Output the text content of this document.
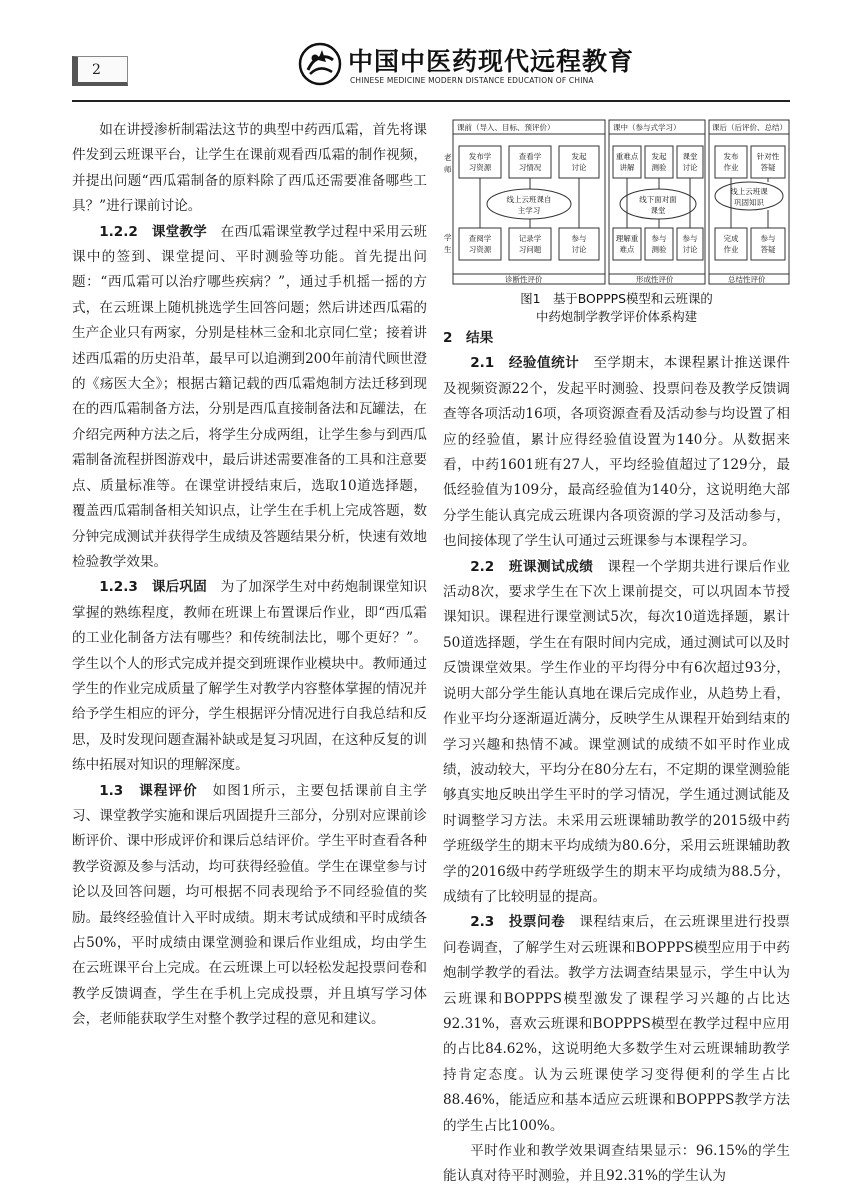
2	中国中医药现代远程教育
CHINESE MEDICINE MODERN DISTANCE EDUCATION OF CHINA

如在讲授渗析制霜法这节的典型中药西瓜霜，首先将课件发到云班课平台，让学生在课前观看西瓜霜的制作视频，并提出问题“西瓜霜制备的原料除了西瓜还需要准备哪些工具？”进行课前讨论。

1.2.2　课堂教学　在西瓜霜课堂教学过程中采用云班课中的签到、课堂提问、平时测验等功能。首先提出问题：“西瓜霜可以治疗哪些疾病？”，通过手机摇一摇的方式，在云班课上随机挑选学生回答问题；然后讲述西瓜霜的生产企业只有两家，分别是桂林三金和北京同仁堂；接着讲述西瓜霜的历史沿革，最早可以追溯到200年前清代顾世澄的《疡医大全》；根据古籍记载的西瓜霜炮制方法迁移到现在的西瓜霜制备方法，分别是西瓜直接制备法和瓦罐法，在介绍完两种方法之后，将学生分成两组，让学生参与到西瓜霜制备流程拼图游戏中，最后讲述需要准备的工具和注意要点、质量标准等。在课堂讲授结束后，选取10道选择题，覆盖西瓜霜制备相关知识点，让学生在手机上完成答题，数分钟完成测试并获得学生成绩及答题结果分析，快速有效地检验教学效果。

1.2.3　课后巩固　为了加深学生对中药炮制课堂知识掌握的熟练程度，教师在班课上布置课后作业，即“西瓜霜的工业化制备方法有哪些？和传统制法比，哪个更好？”。学生以个人的形式完成并提交到班课作业模块中。教师通过学生的作业完成质量了解学生对教学内容整体掌握的情况并给予学生相应的评分，学生根据评分情况进行自我总结和反思，及时发现问题查漏补缺或是复习巩固，在这种反复的训练中拓展对知识的理解深度。

1.3　课程评价　如图1所示，主要包括课前自主学习、课堂教学实施和课后巩固提升三部分，分别对应课前诊断评价、课中形成评价和课后总结评价。学生平时查看各种教学资源及参与活动，均可获得经验值。学生在课堂参与讨论以及回答问题，均可根据不同表现给予不同经验值的奖励。最终经验值计入平时成绩。期末考试成绩和平时成绩各占50%，平时成绩由课堂测验和课后作业组成，均由学生在云班课平台上完成。在云班课上可以轻松发起投票问卷和教学反馈调查，学生在手机上完成投票，并且填写学习体会，老师能获取学生对整个教学过程的意见和建议。

课前（导入、目标、预评价）	课中（参与式学习）	课后（后评价、总结）
老
师
学
生
诊断性评价	形成性评价	总结性评价
发布学
习资源
查看学
习情况
发起
讨论
线上云班课自
主学习
查阅学
习资源
记录学
习问题
参与
讨论
重难点
讲解
发起
测验
课堂
讨论
线下面对面
课堂
理解重
难点
参与
测验
参与
讨论
发布
作业
针对性
答疑
线上云班课
巩固知识
完成
作业
参与
答疑

图1　基于BOPPPS模型和云班课的
中药炮制学教学评价体系构建

2　结果

2.1　经验值统计　至学期末，本课程累计推送课件及视频资源22个，发起平时测验、投票问卷及教学反馈调查等各项活动16项，各项资源查看及活动参与均设置了相应的经验值，累计应得经验值设置为140分。从数据来看，中药1601班有27人，平均经验值超过了129分，最低经验值为109分，最高经验值为140分，这说明绝大部分学生能认真完成云班课内各项资源的学习及活动参与，也间接体现了学生认可通过云班课参与本课程学习。

2.2　班课测试成绩　课程一个学期共进行课后作业活动8次，要求学生在下次上课前提交，可以巩固本节授课知识。课程进行课堂测试5次，每次10道选择题，累计50道选择题，学生在有限时间内完成，通过测试可以及时反馈课堂效果。学生作业的平均得分中有6次超过93分，说明大部分学生能认真地在课后完成作业，从趋势上看，作业平均分逐渐逼近满分，反映学生从课程开始到结束的学习兴趣和热情不减。课堂测试的成绩不如平时作业成绩，波动较大，平均分在80分左右，不定期的课堂测验能够真实地反映出学生平时的学习情况，学生通过测试能及时调整学习方法。未采用云班课辅助教学的2015级中药学班级学生的期末平均成绩为80.6分，采用云班课辅助教学的2016级中药学班级学生的期末平均成绩为88.5分，成绩有了比较明显的提高。

2.3　投票问卷　课程结束后，在云班课里进行投票问卷调查，了解学生对云班课和BOPPPS模型应用于中药炮制学教学的看法。教学方法调查结果显示，学生中认为云班课和BOPPPS模型激发了课程学习兴趣的占比达92.31%，喜欢云班课和BOPPPS模型在教学过程中应用的占比84.62%，这说明绝大多数学生对云班课辅助教学持肯定态度。认为云班课使学习变得便利的学生占比88.46%，能适应和基本适应云班课和BOPPPS教学方法的学生占比100%。

平时作业和教学效果调查结果显示：96.15%的学生能认真对待平时测验，并且92.31%的学生认为
